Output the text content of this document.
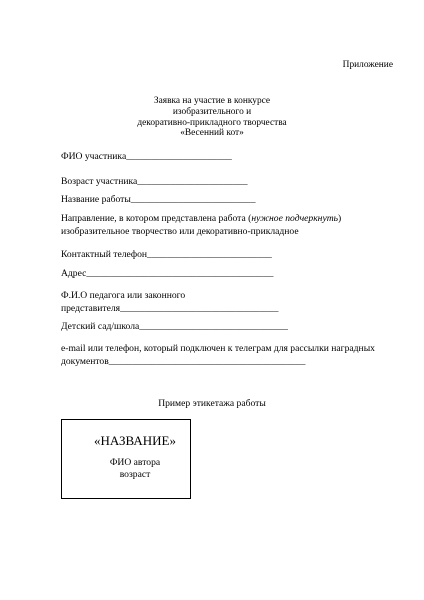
Приложение
Заявка на участие в конкурсе
изобразительного и
декоративно-прикладного творчества
«Весенний кот»
ФИО участника______________________
Возраст участника_______________________
Название работы__________________________
Направление, в котором представлена работа (нужное подчеркнуть)
изобразительное творчество или декоративно-прикладное
Контактный телефон__________________________
Адрес_______________________________________
Ф.И.О педагога или законного
представителя_________________________________
Детский сад/школа_______________________________
e-mail или телефон, который подключен к телеграм для рассылки наградных
документов_________________________________________
Пример этикетажа работы
«НАЗВАНИЕ»
ФИО автора
возраст
